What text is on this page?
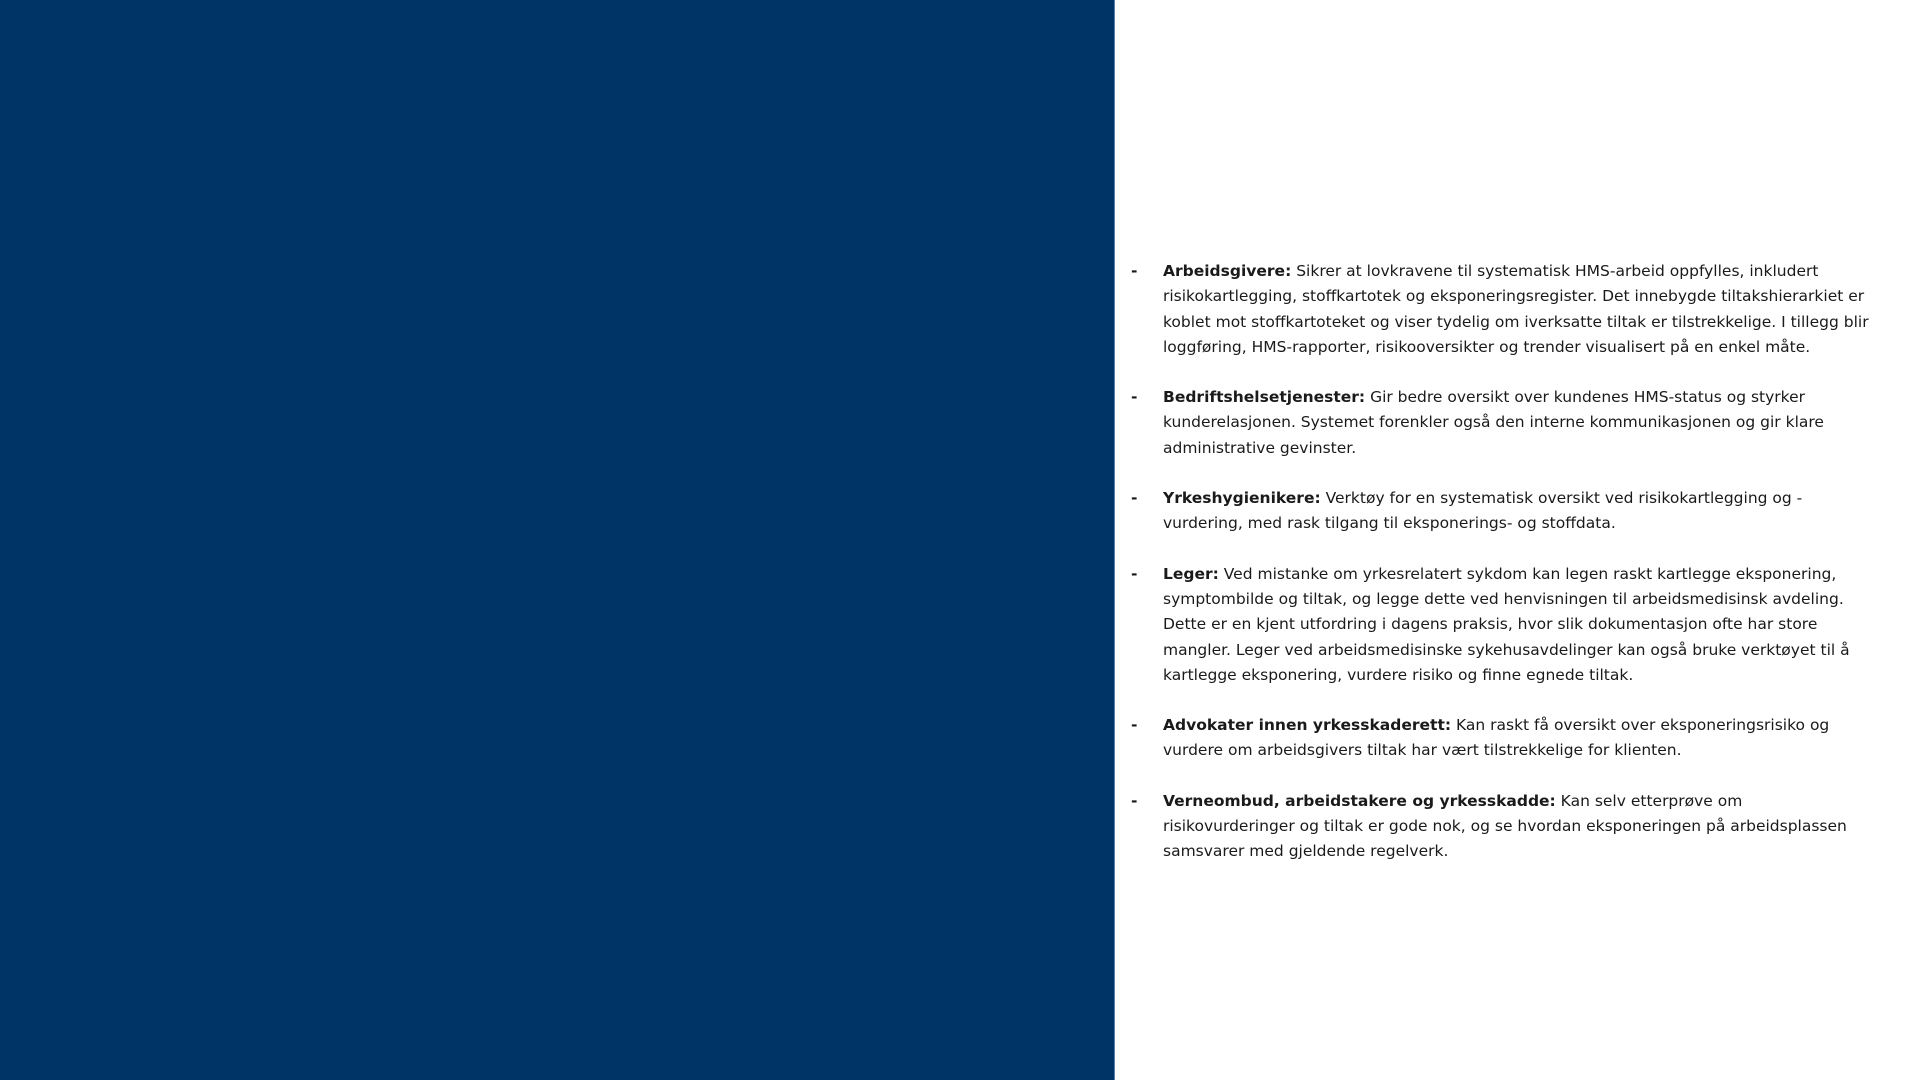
- Arbeidsgivere: Sikrer at lovkravene til systematisk HMS-arbeid oppfylles, inkludert risikokartlegging, stoffkartotek og eksponeringsregister. Det innebygde tiltakshierarkiet er koblet mot stoffkartoteket og viser tydelig om iverksatte tiltak er tilstrekkelige. I tillegg blir loggføring, HMS-rapporter, risikooversikter og trender visualisert på en enkel måte.
- Bedriftshelsetjenester: Gir bedre oversikt over kundenes HMS-status og styrker kunderelasjonen. Systemet forenkler også den interne kommunikasjonen og gir klare administrative gevinster.
- Yrkeshygienikere: Verktøy for en systematisk oversikt ved risikokartlegging og -vurdering, med rask tilgang til eksponerings- og stoffdata.
- Leger: Ved mistanke om yrkesrelatert sykdom kan legen raskt kartlegge eksponering, symptombilde og tiltak, og legge dette ved henvisningen til arbeidsmedisinsk avdeling. Dette er en kjent utfordring i dagens praksis, hvor slik dokumentasjon ofte har store mangler. Leger ved arbeidsmedisinske sykehusavdelinger kan også bruke verktøyet til å kartlegge eksponering, vurdere risiko og finne egnede tiltak.
- Advokater innen yrkesskaderett: Kan raskt få oversikt over eksponeringsrisiko og vurdere om arbeidsgivers tiltak har vært tilstrekkelige for klienten.
- Verneombud, arbeidstakere og yrkesskadde: Kan selv etterprøve om risikovurderinger og tiltak er gode nok, og se hvordan eksponeringen på arbeidsplassen samsvarer med gjeldende regelverk.
